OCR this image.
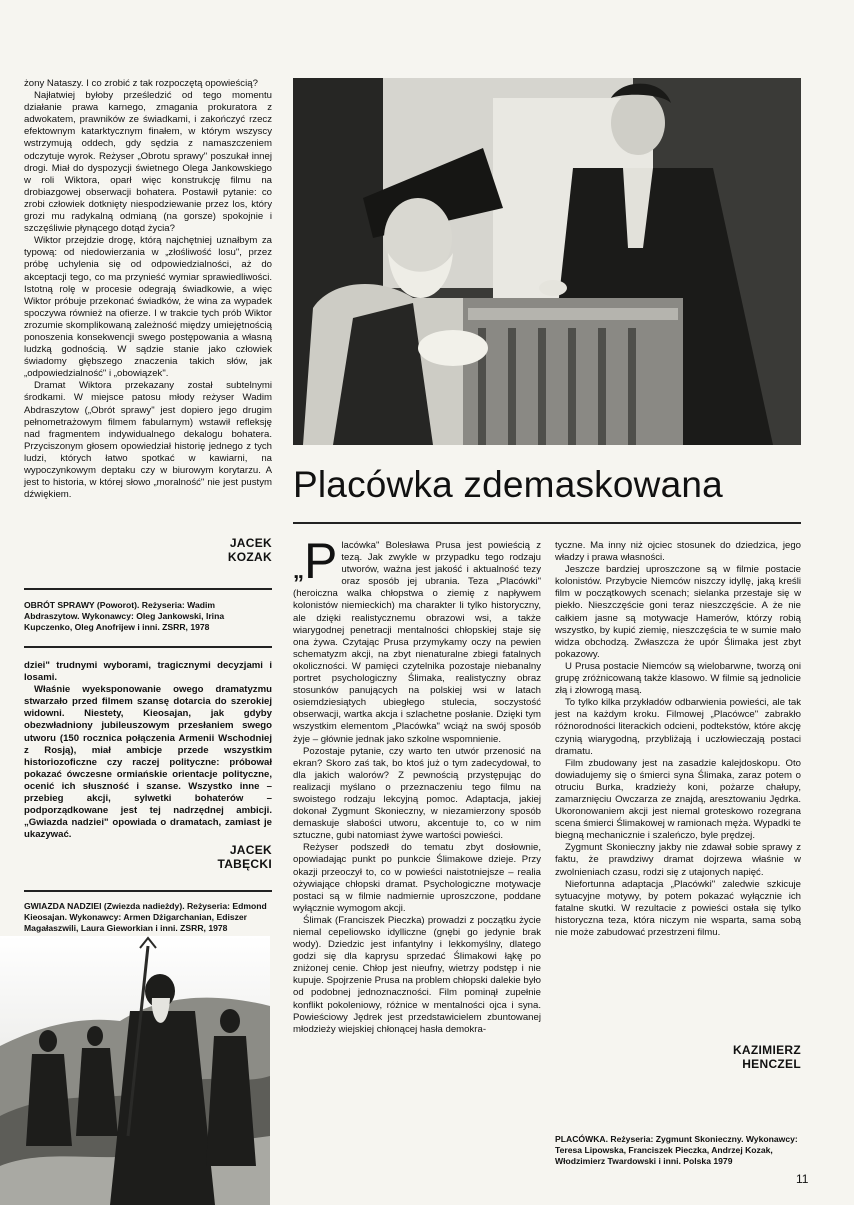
żony Nataszy. I co zrobić z tak rozpoczętą opowieścią?

Najłatwiej byłoby prześledzić od tego momentu działanie prawa karnego, zmagania prokuratora z adwokatem, prawników ze świadkami, i zakończyć rzecz efektownym katarktycznym finałem, w którym wszyscy wstrzymują oddech, gdy sędzia z namaszczeniem odczytuje wyrok. Reżyser „Obrotu sprawy" poszukał innej drogi. Miał do dyspozycji świetnego Olega Jankowskiego w roli Wiktora, oparł więc konstrukcję filmu na drobiazgowej obserwacji bohatera. Postawił pytanie: co zrobi człowiek dotknięty niespodziewanie przez los, który grozi mu radykalną odmianą (na gorsze) spokojnie i szczęśliwie płynącego dotąd życia?

Wiktor przejdzie drogę, którą najchętniej uznałbym za typową: od niedowierzania w „złośliwość losu", przez próbę uchylenia się od odpowiedzialności, aż do akceptacji tego, co ma przynieść wymiar sprawiedliwości. Istotną rolę w procesie odegrają świadkowie, a więc Wiktor próbuje przekonać świadków, że wina za wypadek spoczywa również na ofierze. I w trakcie tych prób Wiktor zrozumie skomplikowaną zależność między umiejętnością ponoszenia konsekwencji swego postępowania a własną ludzką godnością. W sądzie stanie jako człowiek świadomy głębszego znaczenia takich słów, jak „odpowiedzialność" i „obowiązek".

Dramat Wiktora przekazany został subtelnymi środkami. W miejsce patosu młody reżyser Wadim Abdraszytow („Obrót sprawy" jest dopiero jego drugim pełnometrażowym filmem fabularnym) wstawił refleksję nad fragmentem indywidualnego dekalogu bohatera. Przyciszonym głosem opowiedział historię jednego z tych ludzi, których łatwo spotkać w kawiarni, na wypoczynkowym deptaku czy w biurowym korytarzu. A jest to historia, w której słowo „moralność" nie jest pustym dźwiękiem.

JACEK
KOZAK
OBRÓT SPRAWY (Poworot). Reżyseria: Wadim Abdraszytow. Wykonawcy: Oleg Jankowski, Irina Kupczenko, Oleg Anofrijew i inni. ZSRR, 1978

dziei" trudnymi wyborami, tragicznymi decyzjami i losami.

Właśnie wyeksponowanie owego dramatyzmu stwarzało przed filmem szansę dotarcia do szerokiej widowni. Niestety, Kieosajan, jak gdyby obezwładniony jubileuszowym przesłaniem swego utworu (150 rocznica połączenia Armenii Wschodniej z Rosją), miał ambicje przede wszystkim historiozoficzne czy raczej polityczne: próbował pokazać ówczesne ormiańskie orientacje polityczne, ocenić ich słuszność i szanse. Wszystko inne – przebieg akcji, sylwetki bohaterów – podporządkowane jest tej nadrzędnej ambicji. „Gwiazda nadziei" opowiada o dramatach, zamiast je ukazywać.

JACEK
TABĘCKI
GWIAZDA NADZIEI (Zwiezda nadieżdy). Reżyseria: Edmond Kieosajan. Wykonawcy: Armen Dżigarchanian, Ediszer Magałaszwili, Laura Gieworkian i inni. ZSRR, 1978
Placówka zdemaskowana
„ P lacówka" Bolesława Prusa jest powieścią z tezą. Jak zwykle w przypadku tego rodzaju utworów, ważna jest jakość i aktualność tezy oraz sposób jej ubrania. Teza „Placówki" (heroiczna walka chłopstwa o ziemię z napływem kolonistów niemieckich) ma charakter li tylko historyczny, ale dzięki realistycznemu obrazowi wsi, a także wiarygodnej penetracji mentalności chłopskiej staje się ona żywa. Czytając Prusa przymykamy oczy na pewien schematyzm akcji, na zbyt nienaturalne zbiegi fatalnych okoliczności. W pamięci czytelnika pozostaje niebanalny portret psychologiczny Ślimaka, realistyczny obraz stosunków panujących na polskiej wsi w latach osiemdziesiątych ubiegłego stulecia, soczystość obserwacji, wartka akcja i szlachetne posłanie. Dzięki tym wszystkim elementom „Placówka" wciąż na swój sposób żyje – głównie jednak jako szkolne wspomnienie.

Pozostaje pytanie, czy warto ten utwór przenosić na ekran? Skoro zaś tak, bo ktoś już o tym zadecydował, to dla jakich walorów? Z pewnością przystępując do realizacji myślano o przeznaczeniu tego filmu na swoistego rodzaju lekcyjną pomoc. Adaptacja, jakiej dokonał Zygmunt Skonieczny, w niezamierzony sposób demaskuje słabości utworu, akcentuje to, co w nim sztuczne, gubi natomiast żywe wartości powieści.

Reżyser podszedł do tematu zbyt dosłownie, opowiadając punkt po punkcie Ślimakowe dzieje. Przy okazji przeoczył to, co w powieści naistotniejsze – realia ożywiające chłopski dramat. Psychologiczne motywacje postaci są w filmie nadmiernie uproszczone, poddane wyłącznie wymogom akcji.

Ślimak (Franciszek Pieczka) prowadzi z początku życie niemal cepeliowsko idylliczne (gnębi go jedynie brak wody). Dziedzic jest infantylny i lekkomyślny, dlatego godzi się dla kaprysu sprzedać Ślimakowi łąkę po zniżonej cenie. Chłop jest nieufny, wietrzy podstęp i nie kupuje. Spojrzenie Prusa na problem chłopski dalekie było od podobnej jednoznaczności. Film pominął zupełnie konflikt pokoleniowy, różnice w mentalności ojca i syna. Powieściowy Jędrek jest przedstawicielem zbuntowanej młodzieży wiejskiej chłonącej hasła demokra-

tyczne. Ma inny niż ojciec stosunek do dziedzica, jego władzy i prawa własności.

Jeszcze bardziej uproszczone są w filmie postacie kolonistów. Przybycie Niemców niszczy idyllę, jaką kreśli film w początkowych scenach; sielanka przestaje się w piekło. Nieszczęście goni teraz nieszczęście. A że nie całkiem jasne są motywacje Hamerów, którzy robią wszystko, by kupić ziemię, nieszczęścia te w sumie mało widza obchodzą. Zwłaszcza że upór Ślimaka jest zbyt pokazowy.

U Prusa postacie Niemców są wielobarwne, tworzą oni grupę zróżnicowaną także klasowo. W filmie są jednolicie złą i złowrogą masą.

To tylko kilka przykładów odbarwienia powieści, ale tak jest na każdym kroku. Filmowej „Placówce" zabrakło różnorodności literackich odcieni, podtekstów, które akcję czynią wiarygodną, przybliżają i uczłowieczają postaci dramatu.

Film zbudowany jest na zasadzie kalejdoskopu. Oto dowiadujemy się o śmierci syna Ślimaka, zaraz potem o otruciu Burka, kradzieży koni, pożarze chałupy, zamarznięciu Owczarza ze znajdą, aresztowaniu Jędrka. Ukoronowaniem akcji jest niemal groteskowo rozegrana scena śmierci Ślimakowej w ramionach męża. Wypadki te biegną mechanicznie i szaleńczo, byle prędzej.

Zygmunt Skonieczny jakby nie zdawał sobie sprawy z faktu, że prawdziwy dramat dojrzewa właśnie w zwolnieniach czasu, rodzi się z utajonych napięć.

Niefortunna adaptacja „Placówki" zaledwie szkicuje sytuacyjne motywy, by potem pokazać wyłącznie ich fatalne skutki. W rezultacie z powieści ostała się tylko historyczna teza, która niczym nie wsparta, sama sobą nie może zabudować przestrzeni filmu.

KAZIMIERZ
HENCZEL
PLACÓWKA. Reżyseria: Zygmunt Skonieczny. Wykonawcy: Teresa Lipowska, Franciszek Pieczka, Andrzej Kozak, Włodzimierz Twardowski i inni. Polska 1979
11
